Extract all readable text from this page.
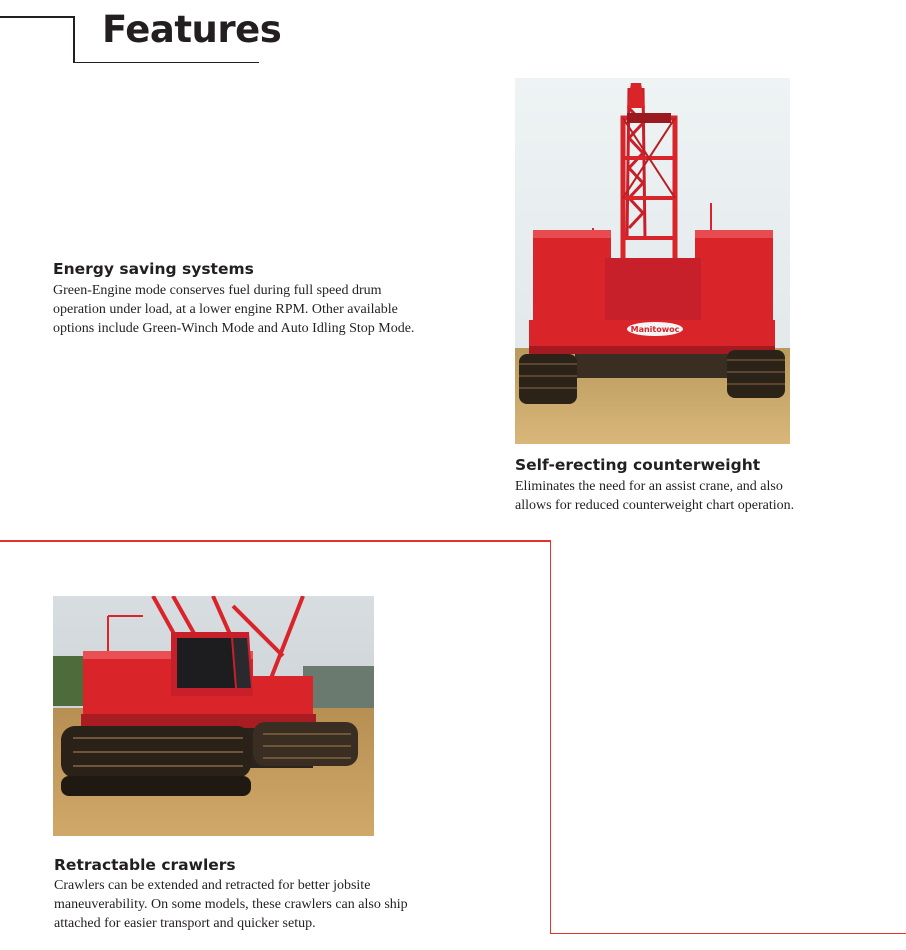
Features
Energy saving systems
Green-Engine mode conserves fuel during full speed drum
operation under load, at a lower engine RPM. Other available
options include Green-Winch Mode and Auto Idling Stop Mode.	Manitowoc
Self-erecting counterweight
Eliminates the need for an assist crane, and also
allows for reduced counterweight chart operation.
Retractable crawlers
Crawlers can be extended and retracted for better jobsite
maneuverability. On some models, these crawlers can also ship
attached for easier transport and quicker setup.
